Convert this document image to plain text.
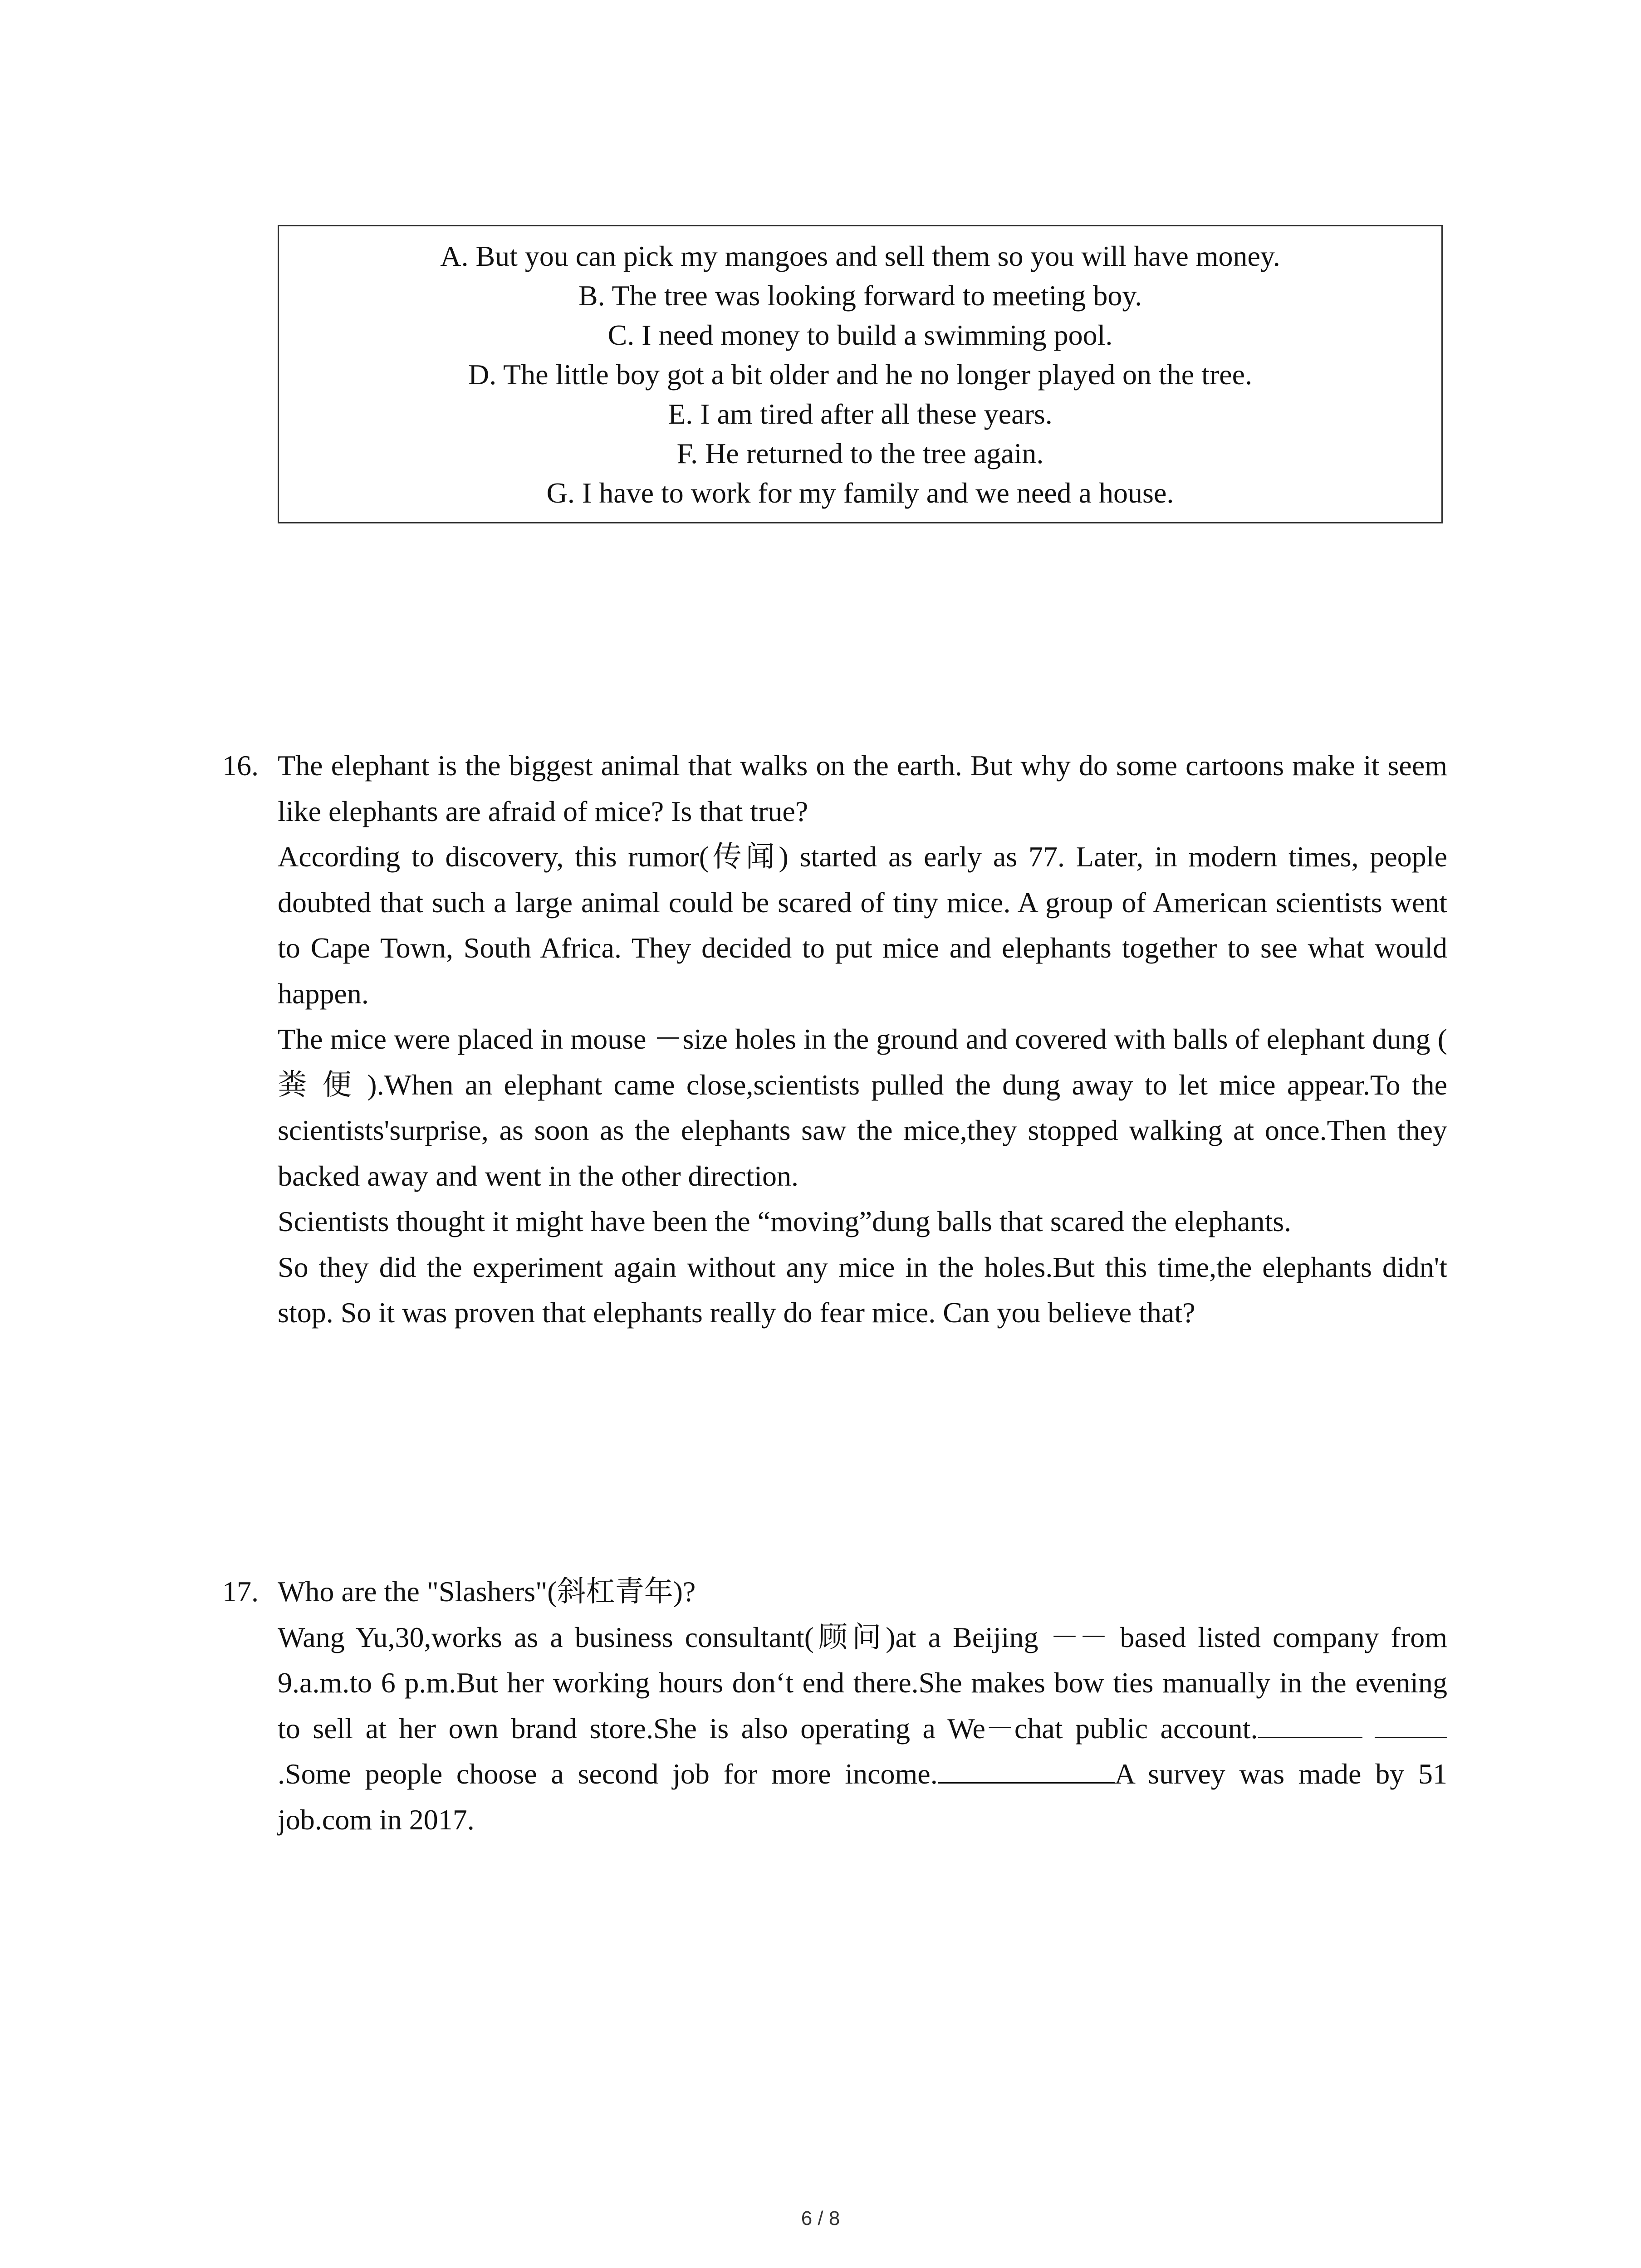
A. But you can pick my mangoes and sell them so you will have money.
B. The tree was looking forward to meeting boy.
C. I need money to build a swimming pool.
D. The little boy got a bit older and he no longer played on the tree.
E. I am tired after all these years.
F. He returned to the tree again.
G. I have to work for my family and we need a house.
16. The elephant is the biggest animal that walks on the earth. But why do some cartoons make it seem like elephants are afraid of mice? Is that true?

According to discovery, this rumor(传闻) started as early as 77. Later, in modern times, people doubted that such a large animal could be scared of tiny mice. A group of American scientists went to Cape Town, South Africa. They decided to put mice and elephants together to see what would happen.

The mice were placed in mouse －size holes in the ground and covered with balls of elephant dung ( 粪 便 ).When an elephant came close,scientists pulled the dung away to let mice appear.To the scientists'surprise, as soon as the elephants saw the mice,they stopped walking at once.Then they backed away and went in the other direction.

Scientists thought it might have been the “moving”dung balls that scared the elephants.

So they did the experiment again without any mice in the holes.But this time,the elephants didn't stop. So it was proven that elephants really do fear mice. Can you believe that?

17. Who are the "Slashers"(斜杠青年)?

Wang Yu,30,works as a business consultant(顾问)at a Beijing －－ based listed company from 9.a.m.to 6 p.m.But her working hours don‘t end there.She makes bow ties manually in the evening to sell at her own brand store.She is also operating a We－chat public account. .Some people choose a second job for more income.	A survey was made by 51 job.com in 2017.

6 / 8
